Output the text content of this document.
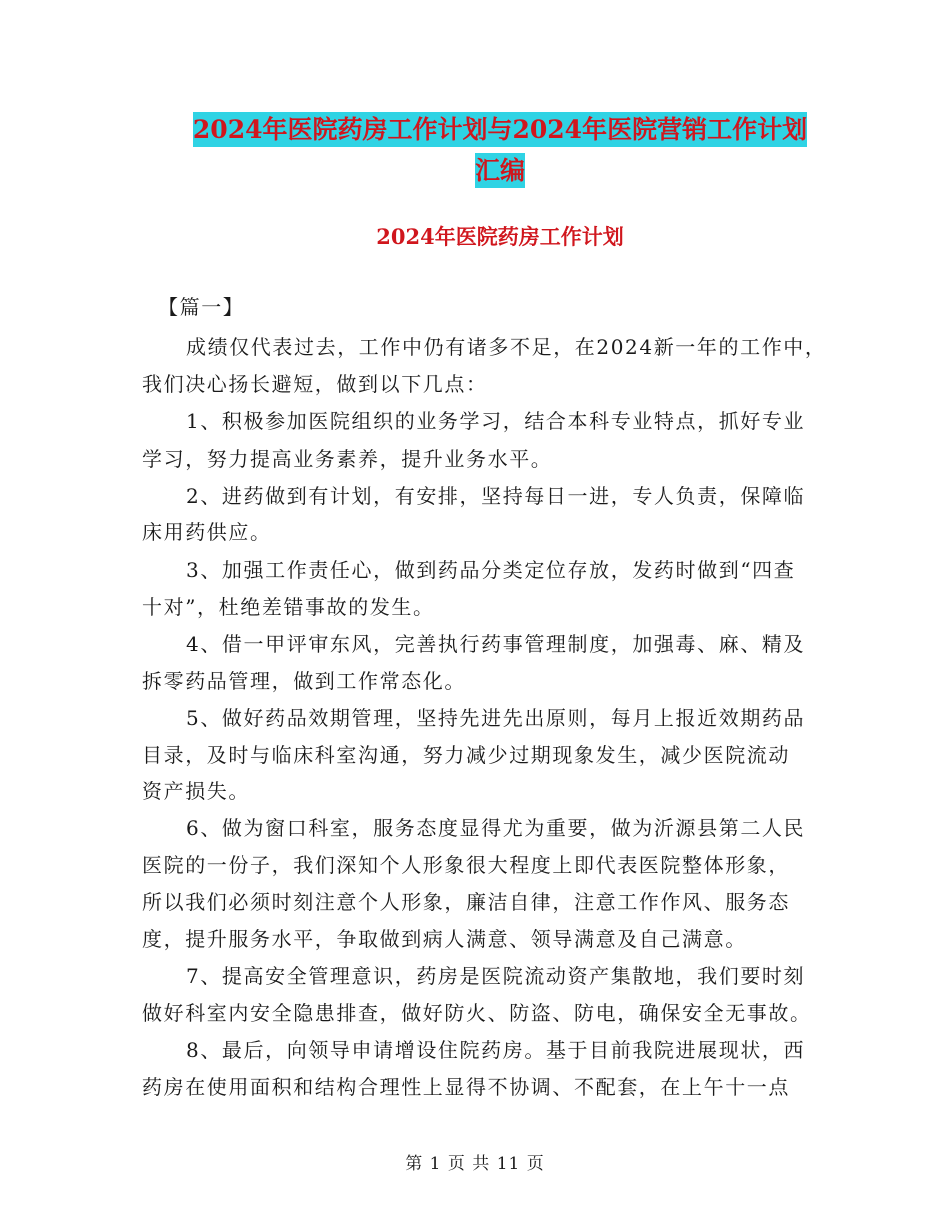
2024年医院药房工作计划与2024年医院营销工作计划
汇编
2024年医院药房工作计划
【篇一】
成绩仅代表过去，工作中仍有诸多不足，在2024新一年的工作中，
我们决心扬长避短，做到以下几点：
1、积极参加医院组织的业务学习，结合本科专业特点，抓好专业
学习，努力提高业务素养，提升业务水平。
2、进药做到有计划，有安排，坚持每日一进，专人负责，保障临
床用药供应。
3、加强工作责任心，做到药品分类定位存放，发药时做到“四查
十对”，杜绝差错事故的发生。
4、借一甲评审东风，完善执行药事管理制度，加强毒、麻、精及
拆零药品管理，做到工作常态化。
5、做好药品效期管理，坚持先进先出原则，每月上报近效期药品
目录，及时与临床科室沟通，努力减少过期现象发生，减少医院流动
资产损失。
6、做为窗口科室，服务态度显得尤为重要，做为沂源县第二人民
医院的一份子，我们深知个人形象很大程度上即代表医院整体形象，
所以我们必须时刻注意个人形象，廉洁自律，注意工作作风、服务态
度，提升服务水平，争取做到病人满意、领导满意及自己满意。
7、提高安全管理意识，药房是医院流动资产集散地，我们要时刻
做好科室内安全隐患排查，做好防火、防盗、防电，确保安全无事故。
8、最后，向领导申请增设住院药房。基于目前我院进展现状，西
药房在使用面积和结构合理性上显得不协调、不配套，在上午十一点
第 1 页 共 11 页
